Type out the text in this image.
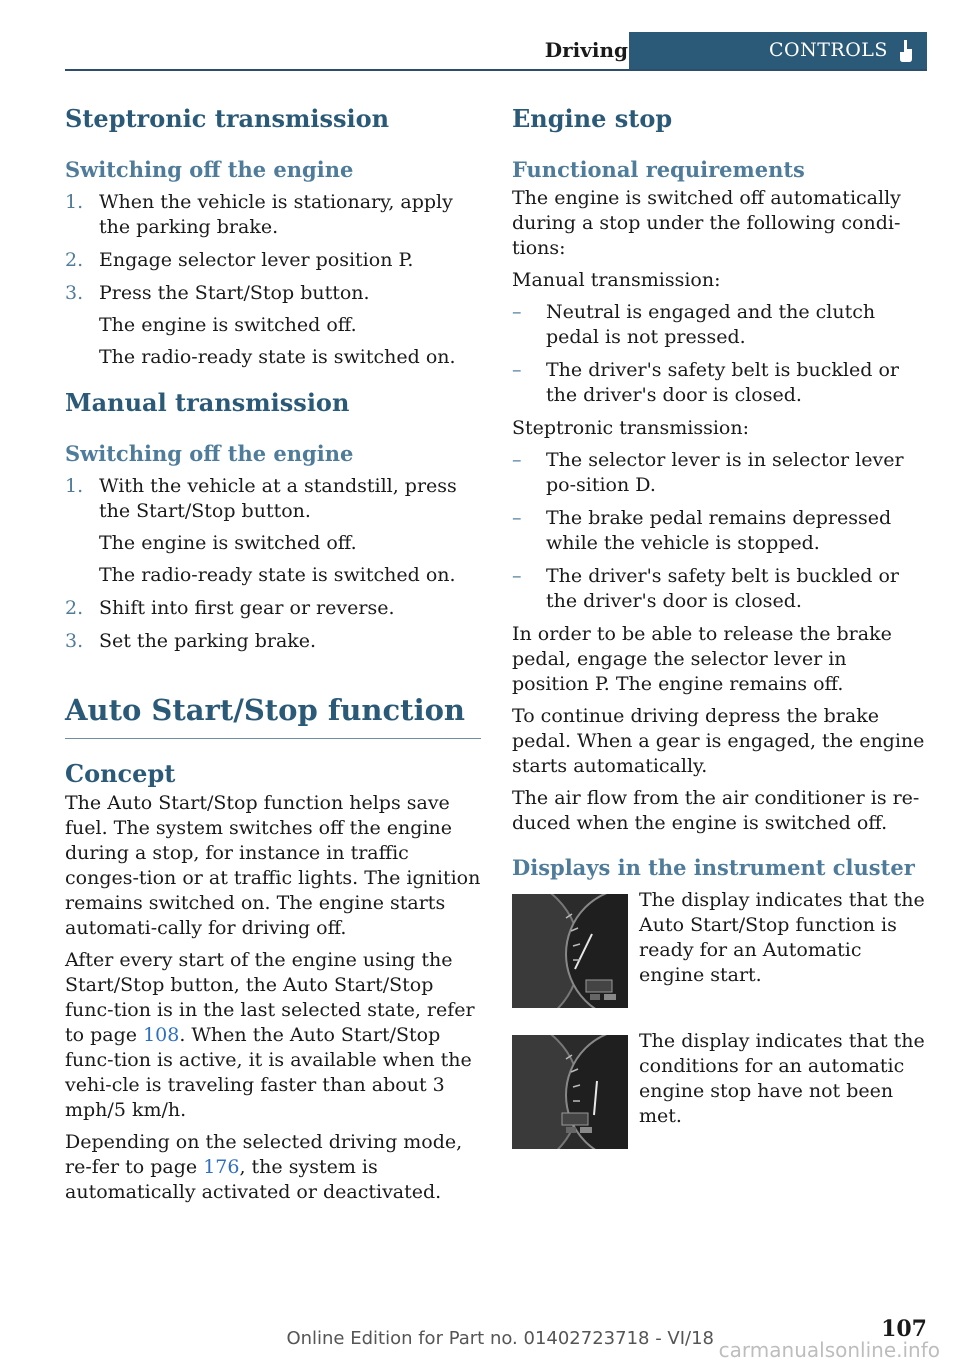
Driving	CONTROLS
Steptronic transmission
Switching off the engine
1. When the vehicle is stationary, apply the parking brake.
2. Engage selector lever position P.
3. Press the Start/Stop button.
The engine is switched off.
The radio-ready state is switched on.
Manual transmission
Switching off the engine
1. With the vehicle at a standstill, press the Start/Stop button.
The engine is switched off.
The radio-ready state is switched on.
2. Shift into first gear or reverse.
3. Set the parking brake.
Auto Start/Stop function
Concept

The Auto Start/Stop function helps save fuel. The system switches off the engine during a stop, for instance in traffic conges-tion or at traffic lights. The ignition remains switched on. The engine starts automati-cally for driving off.

After every start of the engine using the Start/Stop button, the Auto Start/Stop func-tion is in the last selected state, refer to page 108. When the Auto Start/Stop func-tion is active, it is available when the vehi-cle is traveling faster than about 3 mph/5 km/h.

Depending on the selected driving mode, re-fer to page 176, the system is automatically activated or deactivated.

Engine stop
Functional requirements

The engine is switched off automatically during a stop under the following condi-tions:

Manual transmission:

– Neutral is engaged and the clutch pedal is not pressed.
– The driver's safety belt is buckled or the driver's door is closed.

Steptronic transmission:

– The selector lever is in selector lever po-sition D.
– The brake pedal remains depressed while the vehicle is stopped.
– The driver's safety belt is buckled or the driver's door is closed.

In order to be able to release the brake pedal, engage the selector lever in position P. The engine remains off.

To continue driving depress the brake pedal. When a gear is engaged, the engine starts automatically.

The air flow from the air conditioner is re-duced when the engine is switched off.

Displays in the instrument cluster
The display indicates that the Auto Start/Stop function is ready for an Automatic engine start.
The display indicates that the conditions for an automatic engine stop have not been met.
107
Online Edition for Part no. 01402723718 - VI/18 carmanualsonline.info
